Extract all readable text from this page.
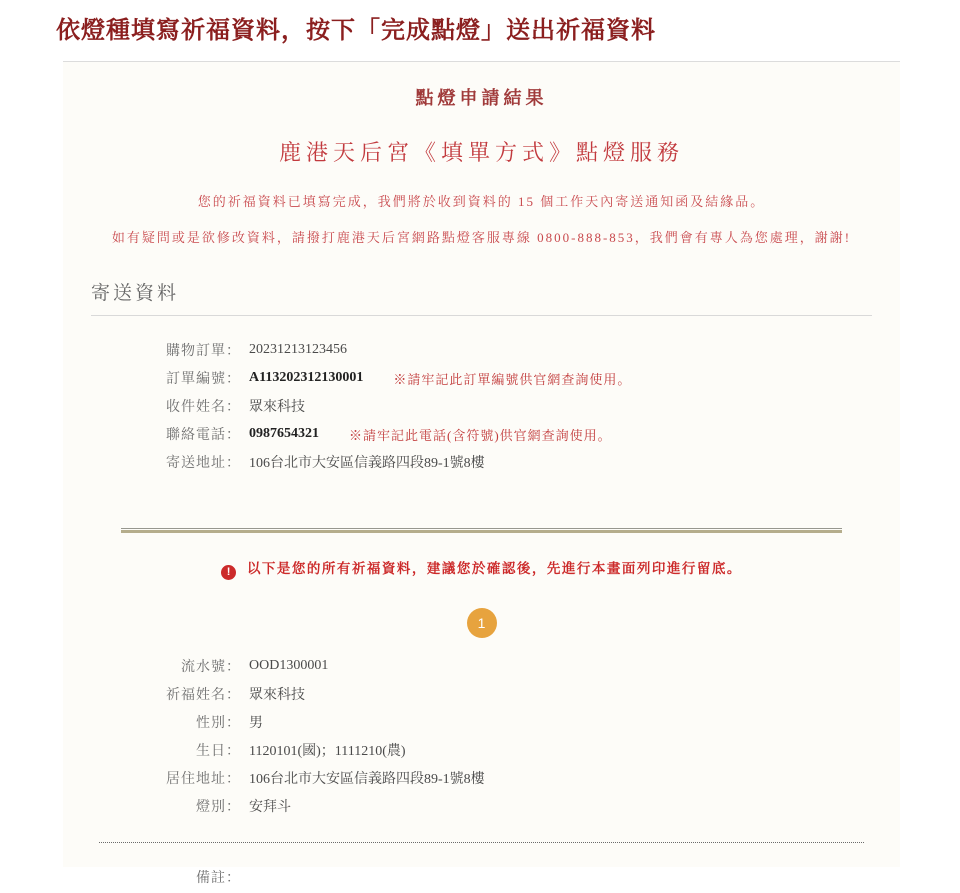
依燈種填寫祈福資料，按下「完成點燈」送出祈福資料
點燈申請結果
鹿港天后宮《填單方式》點燈服務
您的祈福資料已填寫完成，我們將於收到資料的 15 個工作天內寄送通知函及結緣品。
如有疑問或是欲修改資料，請撥打鹿港天后宮網路點燈客服專線 0800-888-853，我們會有專人為您處理，謝謝!
寄送資料
購物訂單： 20231213123456
訂單編號： A113202312130001 ※請牢記此訂單編號供官網查詢使用。
收件姓名： 眾來科技
聯絡電話： 0987654321 ※請牢記此電話(含符號)供官網查詢使用。
寄送地址： 106台北市大安區信義路四段89-1號8樓
! 以下是您的所有祈福資料，建議您於確認後，先進行本畫面列印進行留底。
1
流水號： OOD1300001
祈福姓名： 眾來科技
性別： 男
生日： 1120101(國)；1111210(農)
居住地址： 106台北市大安區信義路四段89-1號8樓
燈別： 安拜斗
備註：
